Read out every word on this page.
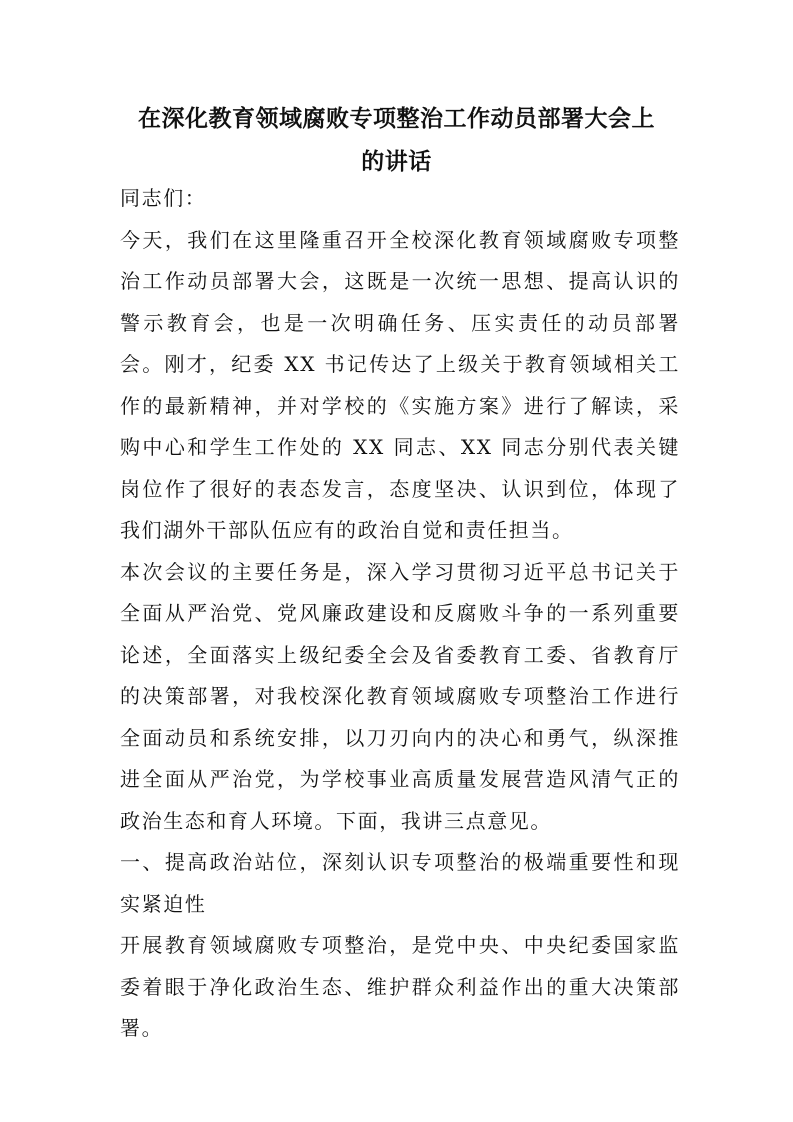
在深化教育领域腐败专项整治工作动员部署大会上
的讲话

同志们：

今天，我们在这里隆重召开全校深化教育领域腐败专项整治工作动员部署大会，这既是一次统一思想、提高认识的警示教育会，也是一次明确任务、压实责任的动员部署会。刚才，纪委 XX 书记传达了上级关于教育领域相关工作的最新精神，并对学校的《实施方案》进行了解读，采购中心和学生工作处的 XX 同志、XX 同志分别代表关键岗位作了很好的表态发言，态度坚决、认识到位，体现了我们湖外干部队伍应有的政治自觉和责任担当。

本次会议的主要任务是，深入学习贯彻习近平总书记关于全面从严治党、党风廉政建设和反腐败斗争的一系列重要论述，全面落实上级纪委全会及省委教育工委、省教育厅的决策部署，对我校深化教育领域腐败专项整治工作进行全面动员和系统安排，以刀刃向内的决心和勇气，纵深推进全面从严治党，为学校事业高质量发展营造风清气正的政治生态和育人环境。下面，我讲三点意见。

一、提高政治站位，深刻认识专项整治的极端重要性和现实紧迫性

开展教育领域腐败专项整治，是党中央、中央纪委国家监委着眼于净化政治生态、维护群众利益作出的重大决策部署。
